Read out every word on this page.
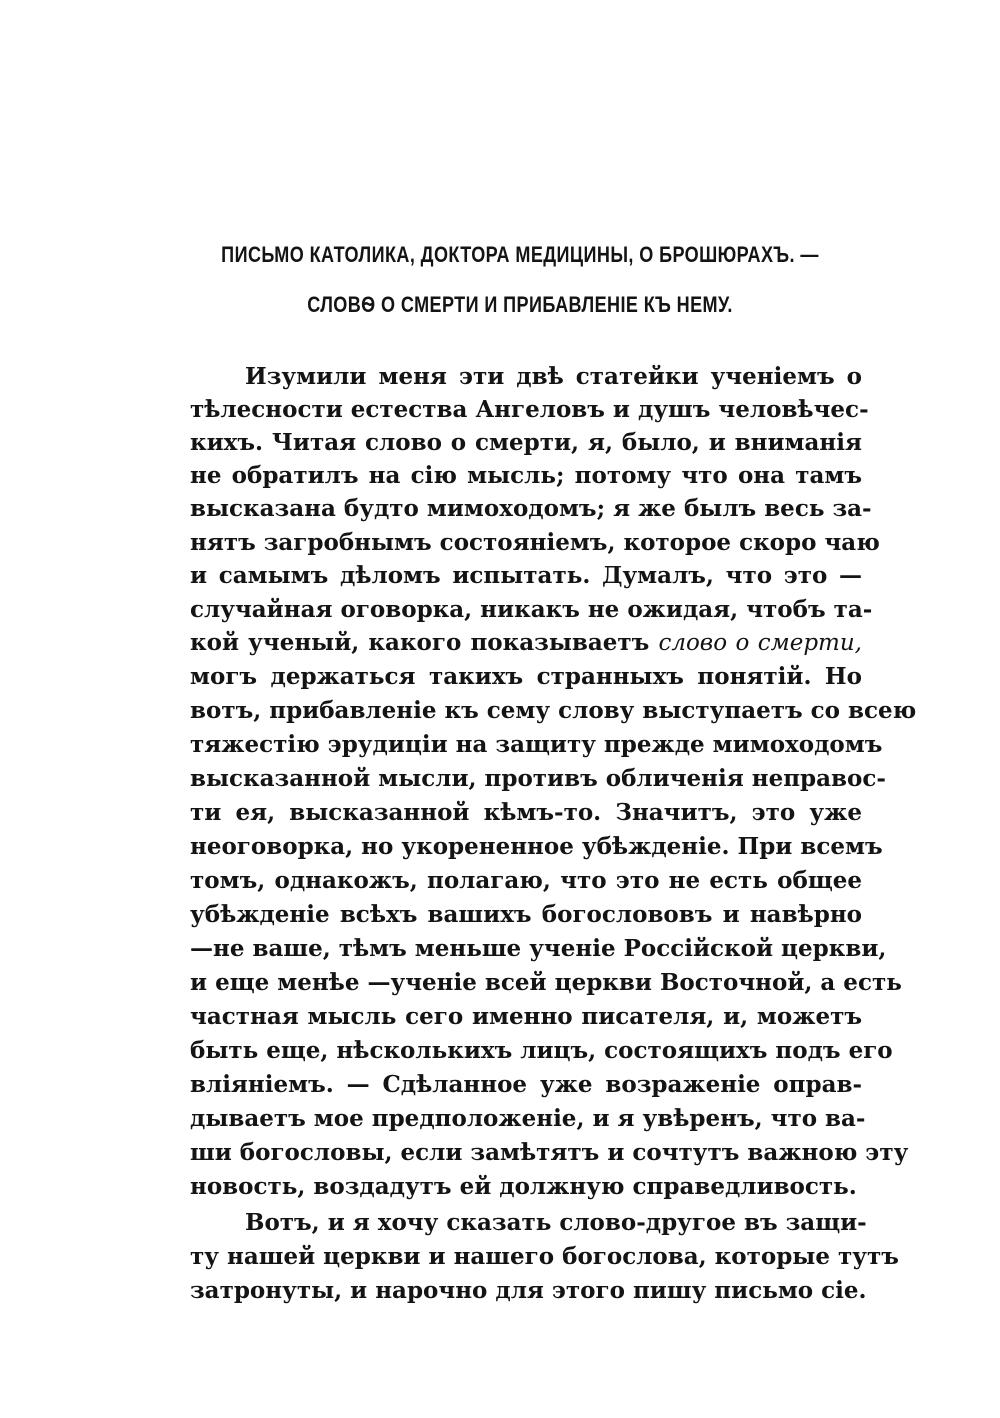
ПИСЬМО КАТОЛИКА, ДОКТОРА МЕДИЦИНЫ, О БРОШЮРАХЪ. —
СЛОВѲ О СМЕРТИ И ПРИБАВЛЕНІЕ КЪ НЕМУ.
Изумили меня эти двѣ статейки ученіемъ о
тѣлесности естества Ангеловъ и душъ человѣчес-
кихъ. Читая слово о смерти, я, было, и вниманія
не обратилъ на сію мысль; потому что она тамъ
высказана будто мимоходомъ; я же былъ весь за-
нятъ загробнымъ состояніемъ, которое скоро чаю
и самымъ дѣломъ испытать. Думалъ, что это —
случайная оговорка, никакъ не ожидая, чтобъ та-
кой ученый, какого показываетъ слово о смерти,
могъ держаться такихъ странныхъ понятій. Но
вотъ, прибавленіе къ сему слову выступаетъ со всею
тяжестію эрудиціи на защиту прежде мимоходомъ
высказанной мысли, противъ обличенія неправос-
ти ея, высказанной кѣмъ-то. Значитъ, это уже
неоговорка, но укорененное убѣжденіе. При всемъ
томъ, однакожъ, полагаю, что это не есть общее
убѣжденіе всѣхъ вашихъ богослововъ и навѣрно
—не ваше, тѣмъ меньше ученіе Россійской церкви,
и еще менѣе —ученіе всей церкви Восточной, а есть
частная мысль сего именно писателя, и, можетъ
быть еще, нѣсколькихъ лицъ, состоящихъ подъ его
вліяніемъ. — Сдѣланное уже возраженіе оправ-
дываетъ мое предположеніе, и я увѣренъ, что ва-
ши богословы, если замѣтятъ и сочтутъ важною эту
новость, воздадутъ ей должную справедливость.
Вотъ, и я хочу сказать слово-другое въ защи-
ту нашей церкви и нашего богослова, которые тутъ
затронуты, и нарочно для этого пишу письмо сіе.
